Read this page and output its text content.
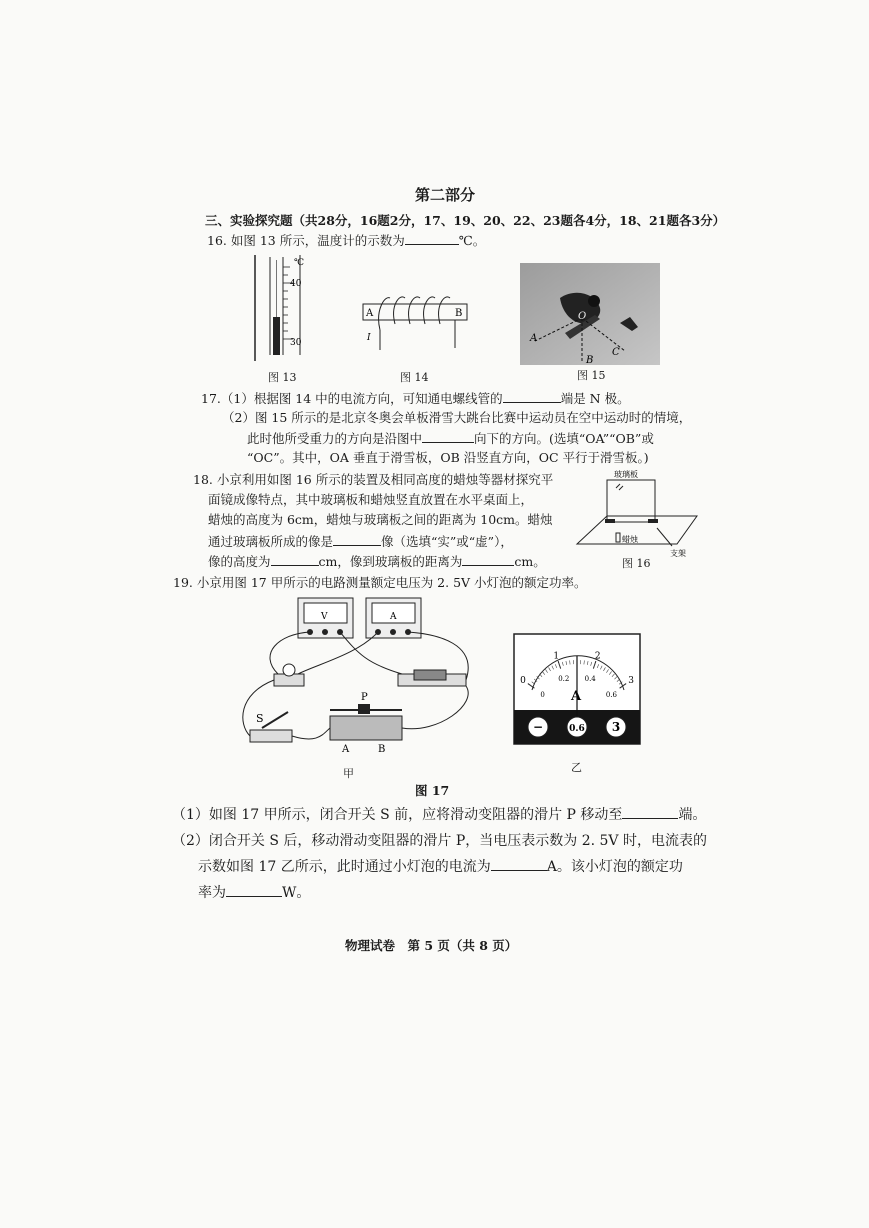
第二部分
三、实验探究题（共28分，16题2分，17、19、20、22、23题各4分，18、21题各3分）
16. 如图 13 所示，温度计的示数为	℃。
℃
40
30
图 13
A	B
I
图 14
O
A
B
C
图 15
17.（1）根据图 14 中的电流方向，可知通电螺线管的	端是 N 极。
（2）图 15 所示的是北京冬奥会单板滑雪大跳台比赛中运动员在空中运动时的情境，
此时他所受重力的方向是沿图中	向下的方向。(选填“OA”“OB”或
“OC”。其中，OA 垂直于滑雪板，OB 沿竖直方向，OC 平行于滑雪板。)
18. 小京利用如图 16 所示的装置及相同高度的蜡烛等器材探究平
面镜成像特点，其中玻璃板和蜡烛竖直放置在水平桌面上，
蜡烛的高度为 6cm，蜡烛与玻璃板之间的距离为 10cm。蜡烛
通过玻璃板所成的像是	像（选填“实”或“虚”），
像的高度为	cm，像到玻璃板的距离为	cm。
玻璃板
蜡烛
支架
图 16
19. 小京用图 17 甲所示的电路测量额定电压为 2. 5V 小灯泡的额定功率。
V	A
S
P
A	B
甲
0
0
1
0.2
2
0.4	3
0.6
A
−	0.6 3
乙
图 17
（1）如图 17 甲所示，闭合开关 S 前，应将滑动变阻器的滑片 P 移动至	端。
（2）闭合开关 S 后，移动滑动变阻器的滑片 P，当电压表示数为 2. 5V 时，电流表的
示数如图 17 乙所示，此时通过小灯泡的电流为	A。该小灯泡的额定功
率为	W。
物理试卷　第 5 页（共 8 页）
